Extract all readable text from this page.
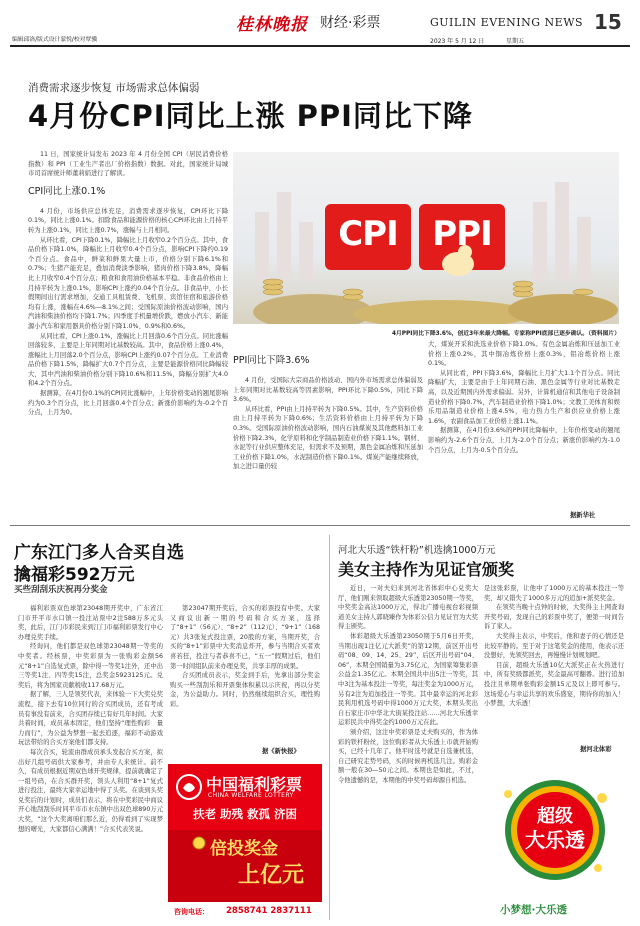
编辑邱洛/版式设计蒙悦/校对覃骥
桂林晚报 财经·彩票	GUILIN EVENING NEWS 15
2023 年 5 月 12 日	星期五
消费需求逐步恢复 市场需求总体偏弱
4月份CPI同比上涨 PPI同比下降

11 日，国家统计局发布 2023 年 4 月份全国 CPI（居民消费价格指数）和 PPI（工业生产者出厂价格指数）数据。对此，国家统计局城市司首席统计师董莉娟进行了解读。

CPI同比上涨0.1%

4 月份，市场供应总体充足，消费需求逐步恢复，CPI环比下降0.1%，同比上涨0.1%。扣除食品和能源价格的核心CPI环比由上月持平转为上涨0.1%，同比上涨0.7%，涨幅与上月相同。

从环比看，CPI下降0.1%，降幅比上月收窄0.2个百分点。其中，食品价格下降1.0%，降幅比上月收窄0.4个百分点，影响CPI下降约0.19个百分点。食品中，鲜菜和鲜果大量上市，价格分别下降6.1%和0.7%；生猪产能充足，叠加消费淡季影响，猪肉价格下降3.8%，降幅比上月收窄0.4个百分点；粮食和食用油价格基本平稳。非食品价格由上月持平转为上涨0.1%，影响CPI上涨约0.04个百分点。非食品中，小长假期间出行需求增加，交通工具租赁费、飞机票、宾馆住宿和旅游价格均有上涨，涨幅在4.6%—8.1%之间；受国际原油价格波动影响，国内汽油和柴油价格均下降1.7%；四季度手机量增价跌，燃放小汽车、新能源小汽车和家用器具价格分别下降1.0%、0.9%和0.6%。

从同比看，CPI上涨0.1%，涨幅比上月回落0.6个百分点。同比涨幅回落较多，主要是上年同期对比基数较高。其中，食品价格上涨0.4%，涨幅比上月回落2.0个百分点，影响CPI上涨约0.07个百分点。工业消费品价格下降1.5%，降幅扩大0.7个百分点，主要是能源价格同比降幅较大，其中汽油和柴油价格分别下降10.6%和11.5%，降幅分别扩大4.0和4.2个百分点。

据测算，在4月份0.1%的CPI同比涨幅中，上年价格变动的翘尾影响约为0.3个百分点，比上月回落0.4个百分点；新涨价影响约为-0.2个百分点，上月为0。

CPI PPI
4月PPI同比下降3.6%，创近3年来最大降幅。专家称PPI底部已逐步确认。（资料图片）
PPI同比下降3.6%

4 月份，受国际大宗商品价格波动、国内外市场需求总体偏弱及上年同期对比基数较高等因素影响，PPI环比下降0.5%，同比下降3.6%。

从环比看，PPI由上月持平转为下降0.5%。其中，生产资料价格由上月持平转为下降0.6%；生活资料价格由上月持平转为下降0.3%。受国际原油价格波动影响，国内石油煤炭及其他燃料加工业价格下降2.3%，化学原料和化学制品制造业价格下降1.1%。钢材、水泥等行业供应整体充足，但需求不及预期，黑色金属冶炼和压延加工业价格下降1.0%，水泥制造价格下降0.1%。煤炭产能继续释放，加之进口量仍较

大，煤炭开采和洗选业价格下降1.0%。有色金属冶炼和压延加工业价格上涨0.2%，其中铜冶炼价格上涨0.3%，铝冶炼价格上涨0.1%。

从同比看，PPI下降3.6%，降幅比上月扩大1.1个百分点。同比降幅扩大，主要是由于上年同期石油、黑色金属等行业对比基数走高，以及近期国内外需求偏弱。另外，计算机通信和其他电子设备制造业价格下降0.7%，汽车制造业价格下降1.0%；文教工美体育和娱乐用品制造业价格上涨4.5%，电力热力生产和供应业价格上涨1.6%，农副食品加工业价格上涨1.1%。

据测算，在4月份3.6%的PPI同比降幅中，上年价格变动的翘尾影响约为-2.6个百分点，上月为-2.0个百分点；新涨价影响约为-1.0个百分点，上月为-0.5个百分点。

据新华社
广东江门多人合买自选
擒福彩592万元
买些刮刮乐庆祝再分奖金

福利彩票双色球第23048期开奖中，广东省江门市开平市水口镇一投注站票中2注588万多元头奖，此后，江门市彩民来到江门市福利彩票发行中心办理兑奖手续。

经询问，他们都是双色球第23048期一等奖的中奖者。经核票，中奖彩票为一张购彩金额56元“8+1”自选复式票，除中得一等奖1注外，还中出三等奖1注、四等奖15注，总奖金5923125元。兑奖后，将为国家贡献税收117.68万元。

据了解，三人是领奖代表，来体验一下大奖兑奖流程，接下去有10位同行的合买团成员，还有考成员有事没有前来，合买团存续已有好几年时间。大家共着时间，成员基本固定，他们坚持“理性购彩　量力而行”，为公益为梦想一起去追逐，福彩不动游戏玩法带给的合买方案他们都支持。

每次合买，轮流由群成员承头发起合买方案，拟出好几组号码供大家参考，并由专人来统计。前不久，有成员根据近期双色球开奖规律，提前就确定了一组号码，在合买群开奖，领头人利用“8+1”复式进行投注，最终大家幸运地中得了头奖。在谈到头奖兑奖后的计划时，成员们表示，将在中奖彩民中商议开心地刮刮乐时同平市市水东镇中出双色球890万元大奖，“这个大奖离咱们那么近，仍得看到了实现梦想的曙光，大家都信心满满！”合买代表笑说。

第23047期开奖后，合买的彩票投有中奖。大家又商议出新一期的号码和合买方案，选择了“8+1”（56元）、“8+2”（112元）、“9+1”（168元）共3张复式投注票，20股的方案，当期开奖，合买的“8+1”彩票中大奖消息炸开，参与当期合买者欢喜若狂，投注与者恭喜不已，“五一”假期过后，他们第一时间组队前来办理兑奖，共享丰厚的成果。

合买团成员表示，奖金到手后，先拿出部分奖金购买一些刮刮乐和开票集体积累以示庆祝，再以分奖金，为公益助力。同时，仍然继续组织合买，理性购彩。

据《新快报》
中国福利彩票
CHINA WELFARE LOTTERY
扶老 助残 救孤 济困
倍投奖金
上亿元
咨询电话： 2858741 2837111
河北大乐透“铁杆粉”机选擒1000万元
美女主持作为见证官颁奖

近日，一对夫妇来到河北省体彩中心兑奖大厅，他们刚来领取超级大乐透第23050期一等奖，中奖奖金高达1000万元，得北广播电视台彩视频道美女主持人郭晓臻作为体彩公信力见证官为大奖得主颁奖。

体彩超级大乐透第23050期于5月6日开奖，当期出现1注亿元大派奖”的第12期，前区开出号码“08、09、14、25、29”，后区开出号码“04、06”，本期全国销量为3.75亿元，为国家筹集彩票公益金1.35亿元。本期全国共中出5注一等奖，其中3注为基本投注一等奖，每注奖金为1000万元，另有2注为追加投注一等奖。其中最幸运的河北彩民利用机选号码中得1000万元大奖，本期头奖出自石家庄市中华北大街某投注站……河北大乐透幸运彩民共中得奖金约1000万元在此。

颁介绍，这注中奖彩票是丈夫购买的，作为体彩的铁杆粉丝，这位购彩者从大乐透上市就开始购买，已经十几年了。他平时选号就是自选兼机选，自己研究走势号码，买的时候再机选几注。购彩金额一般在30—50元之间。本期也是如此，不过，令他遗憾的是，本期他的中奖号码却源自机选。

是这张彩票，让他中了1000万元的基本投注一等奖，却又错失了1000多万元的追加+派奖奖金。

在领奖当晚十点钟的时候，大奖得主上网查询开奖号码，发现自己的彩票中奖了，便第一时间告诉了家人。

大奖得主表示，中奖后，他和妻子的心情还是比较平静的。至于对于这笔奖金的使用，他表示还没想好，先领奖回去，再慢慢计划规划吧。

目前，超级大乐透10亿大派奖正在火热进行中，所有奖级都派奖，奖金最高可翻番。进行追加投注且单期单张购彩金额15元及以上即可参与。这场爱心与幸运共享的欢乐盛宴，期待你的加入！小梦想，大乐透！

据河北体彩
超级
大乐透
小梦想·大乐透
